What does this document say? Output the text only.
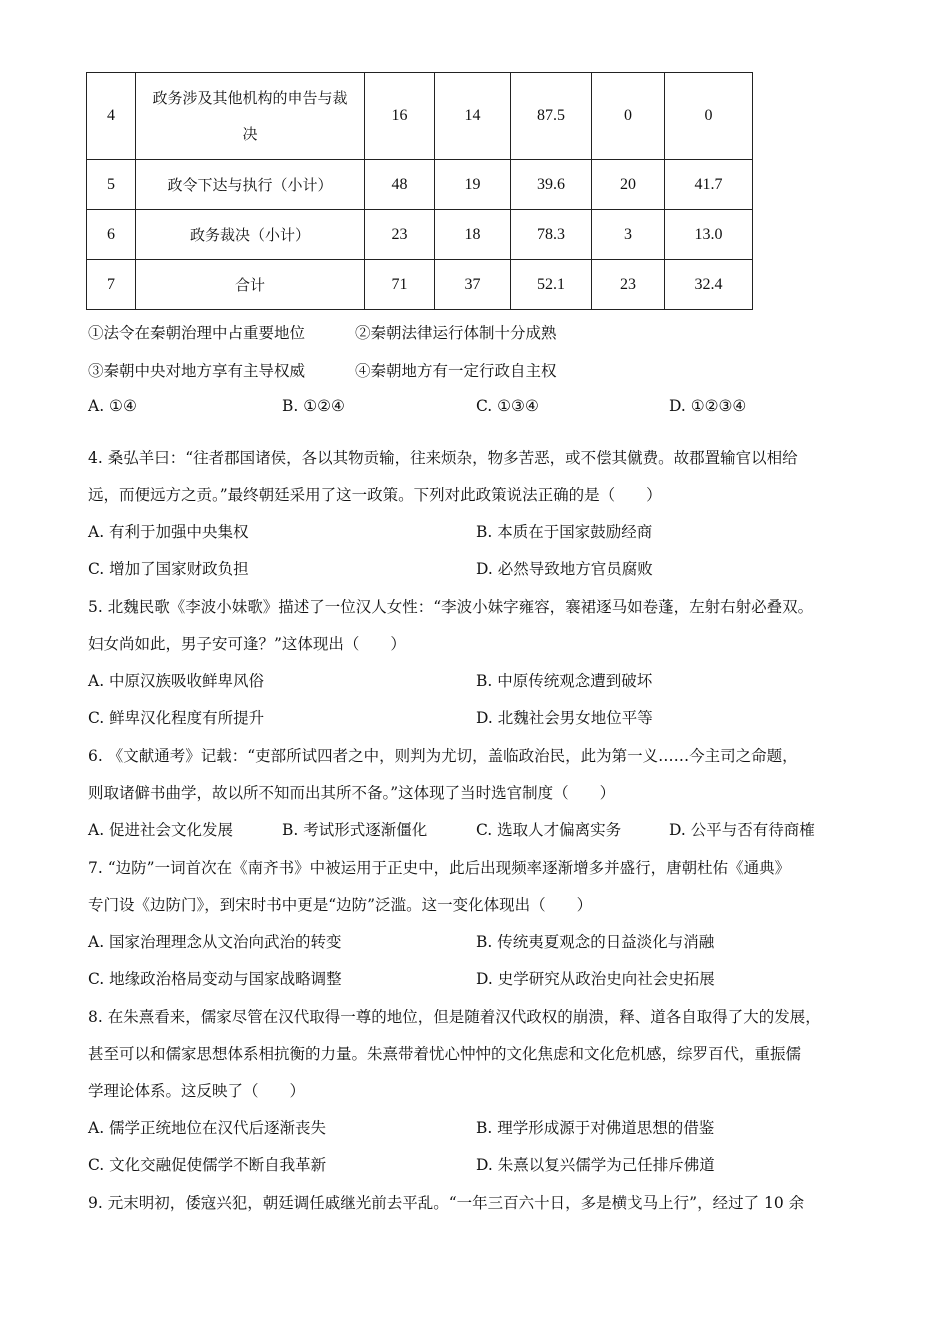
4	政务涉及其他机构的申告与裁决	16	14	87.5	0	0
5	政令下达与执行（小计）	48	19	39.6	20	41.7
6	政务裁决（小计）	23	18	78.3	3	13.0
7	合计	71	37	52.1	23	32.4
①法令在秦朝治理中占重要地位	②秦朝法律运行体制十分成熟
③秦朝中央对地方享有主导权威	④秦朝地方有一定行政自主权
A. ①④	B. ①②④	C. ①③④	D. ①②③④
4. 桑弘羊曰：“往者郡国诸侯，各以其物贡输，往来烦杂，物多苦恶，或不偿其僦费。故郡置输官以相给
远，而便远方之贡。”最终朝廷采用了这一政策。下列对此政策说法正确的是（　　）
A. 有利于加强中央集权	B. 本质在于国家鼓励经商
C. 增加了国家财政负担	D. 必然导致地方官员腐败
5. 北魏民歌《李波小妹歌》描述了一位汉人女性：“李波小妹字雍容，褰裙逐马如卷蓬，左射右射必叠双。
妇女尚如此，男子安可逢？”这体现出（　　）
A. 中原汉族吸收鲜卑风俗	B. 中原传统观念遭到破坏
C. 鲜卑汉化程度有所提升	D. 北魏社会男女地位平等
6. 《文献通考》记载：“吏部所试四者之中，则判为尤切，盖临政治民，此为第一义……今主司之命题，
则取诸僻书曲学，故以所不知而出其所不备。”这体现了当时选官制度（　　）
A. 促进社会文化发展	B. 考试形式逐渐僵化	C. 选取人才偏离实务	D. 公平与否有待商榷
7. “边防”一词首次在《南齐书》中被运用于正史中，此后出现频率逐渐增多并盛行，唐朝杜佑《通典》
专门设《边防门》，到宋时书中更是“边防”泛滥。这一变化体现出（　　）
A. 国家治理理念从文治向武治的转变	B. 传统夷夏观念的日益淡化与消融
C. 地缘政治格局变动与国家战略调整	D. 史学研究从政治史向社会史拓展
8. 在朱熹看来，儒家尽管在汉代取得一尊的地位，但是随着汉代政权的崩溃，释、道各自取得了大的发展，
甚至可以和儒家思想体系相抗衡的力量。朱熹带着忧心忡忡的文化焦虑和文化危机感，综罗百代，重振儒
学理论体系。这反映了（　　）
A. 儒学正统地位在汉代后逐渐丧失	B. 理学形成源于对佛道思想的借鉴
C. 文化交融促使儒学不断自我革新	D. 朱熹以复兴儒学为己任排斥佛道
9. 元末明初，倭寇兴犯，朝廷调任戚继光前去平乱。“一年三百六十日，多是横戈马上行”，经过了 10 余
